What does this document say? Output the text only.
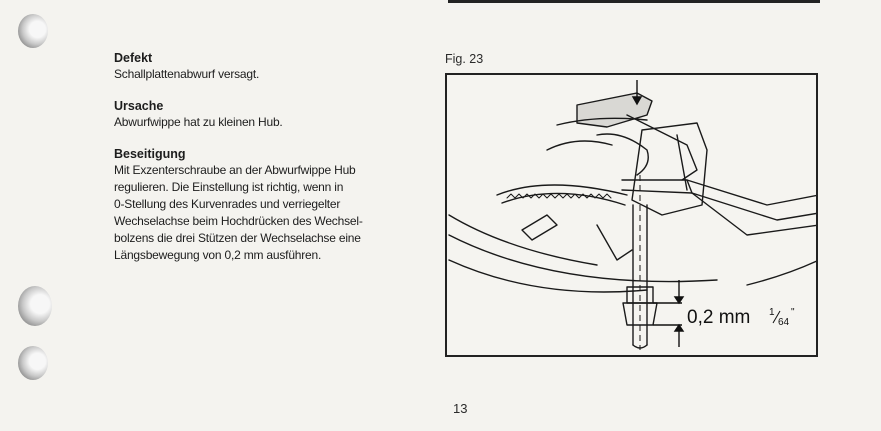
Defekt

Schallplattenabwurf versagt.

Ursache

Abwurfwippe hat zu kleinen Hub.

Beseitigung

Mit Exzenterschraube an der Abwurfwippe Hub
regulieren. Die Einstellung ist richtig, wenn in
0-Stellung des Kurvenrades und verriegelter
Wechselachse beim Hochdrücken des Wechsel-
bolzens die drei Stützen der Wechselachse eine
Längsbewegung von 0,2 mm ausführen.

Fig. 23
0,2 mm 1
64
"
13
